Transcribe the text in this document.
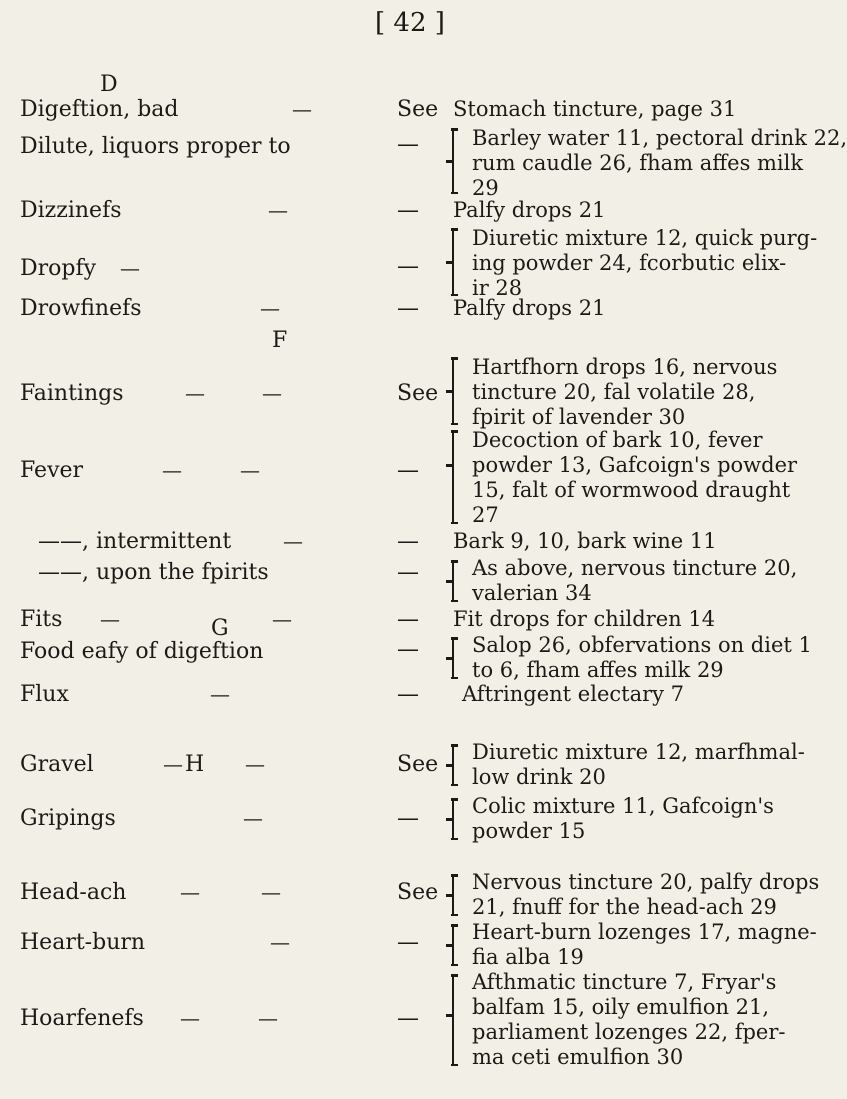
[ 42 ]
D
F
G
H
Digeftion, bad	—	See Stomach tincture, page 31
Dilute, liquors proper to	—	Barley water 11, pectoral drink 22,
rum caudle 26, fham affes milk
29
Dizzinefs	—	— Palfy drops 21
Dropfy —	—
Diuretic mixture 12, quick purg-
ing powder 24, fcorbutic elix-
ir 28
Drowfinefs	—	— Palfy drops 21
Faintings	—	—	See
Hartfhorn drops 16, nervous
tincture 20, fal volatile 28,
fpirit of lavender 30
Fever	—	—	—
Decoction of bark 10, fever
powder 13, Gafcoign's powder
15, falt of wormwood draught
27
——, intermittent	—	— Bark 9, 10, bark wine 11
——, upon the fpirits	—	As above, nervous tincture 20,
valerian 34
Fits —	—	— Fit drops for children 14
Food eafy of digeftion	—	Salop 26, obfervations on diet 1
to 6, fham affes milk 29
Flux	—	— Aftringent electary 7
Gravel	—	—	See Diuretic mixture 12, marfhmal-
low drink 20
Gripings	—	—	Colic mixture 11, Gafcoign's
powder 15
Head-ach	—	—	See Nervous tincture 20, palfy drops
21, fnuff for the head-ach 29
Heart-burn	—	—	Heart-burn lozenges 17, magne-
fia alba 19
Hoarfenefs —	—	—
Afthmatic tincture 7, Fryar's
balfam 15, oily emulfion 21,
parliament lozenges 22, fper-
ma ceti emulfion 30
